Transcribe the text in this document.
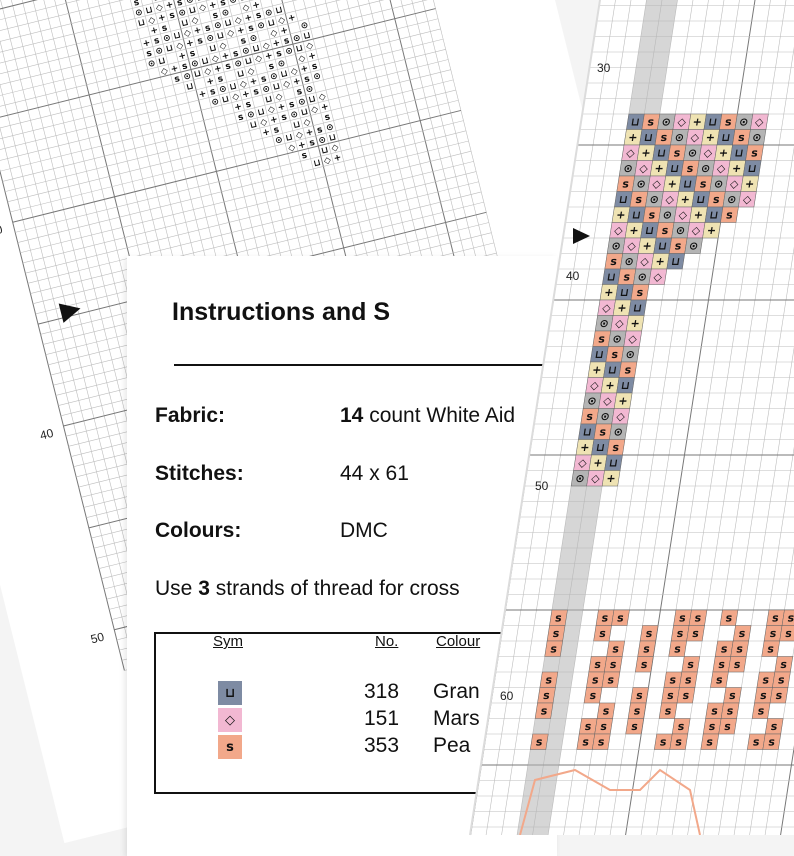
s
⊙ ⊔ ◇ + s ⊙
⊔ ◇ + s ⊙ ⊔ ◇ + s ⊙
+ s ⊔ ◇ s ⊙ ◇ +
+ s ⊙ ⊔ ◇ + s ⊙ ⊔ ◇ + s ⊙ ⊔
s ⊙ ⊔ ◇ + s ⊙ ⊔ ◇ + s ⊙ ⊔ ◇ +
⊙ ⊔ + s ⊔ ◇ s ⊙ ◇ + ⊙
◇ + s ⊙ ⊔ ◇ + s ⊙ ⊔ ◇ + s ⊙ ⊔
s ⊙ ⊔ ◇ + s ⊙ ⊔ ◇ + s ⊙ ⊔ ◇
⊔ + s ⊔ ◇ s ⊙ ◇ +
+ s ⊙ ⊔ ◇ + s ⊙ ⊔ ◇ + s
⊙ ⊔ ◇ + s ⊙ ⊔ ◇ + s ⊙
+ s ⊔ ◇ s ⊙
s ⊙ ⊔ ◇ + s ⊙ ⊔ ◇
⊔ ◇ + s ⊙ ⊔ ◇ +
+ s ⊔ ◇ s
⊙ ⊔ ◇ + s ⊙
◇ + s ⊙ ⊔
s ⊔ ◇
⊔ ◇ +
30
40
50
Instructions and S
Fabric:	14 count White Aid
Stitches:	44 x 61
Colours:	DMC
Use 3 strands of thread for cross
Sym	No.	Colour
⊔	318 Gran
◇	151 Mars
s	353 Pea
⊔ s ⊙ ◇ + ⊔ s ⊙ ◇
+ ⊔ s ⊙ ◇ + ⊔ s ⊙
◇ + ⊔ s ⊙ ◇ + ⊔ s
⊙ ◇ + ⊔ s ⊙ ◇ + ⊔
s ⊙ ◇ + ⊔ s ⊙ ◇ +
⊔ s ⊙ ◇ + ⊔ s ⊙ ◇
+ ⊔ s ⊙ ◇ + ⊔ s
◇ + ⊔ s ⊙ ◇ +
⊙ ◇ + ⊔ s ⊙
s ⊙ ◇ + ⊔
⊔ s ⊙ ◇
+ ⊔ s
◇ + ⊔
⊙ ◇ +
s ⊙ ◇
⊔ s ⊙
+ ⊔ s
◇ + ⊔
⊙ ◇ +
s ⊙ ◇
⊔ s ⊙
+ ⊔ s
◇ + ⊔
⊙ ◇ +
s	s s	s s s	s s
s	s	s s s	s s s
s	s s s	s s s
s s s	s s s	s
s	s s	s s s	s s
s	s	s s s	s s s
s	s s s	s s s
s s s	s s s	s
s	s s	s s s	s s
30
40
50
60
